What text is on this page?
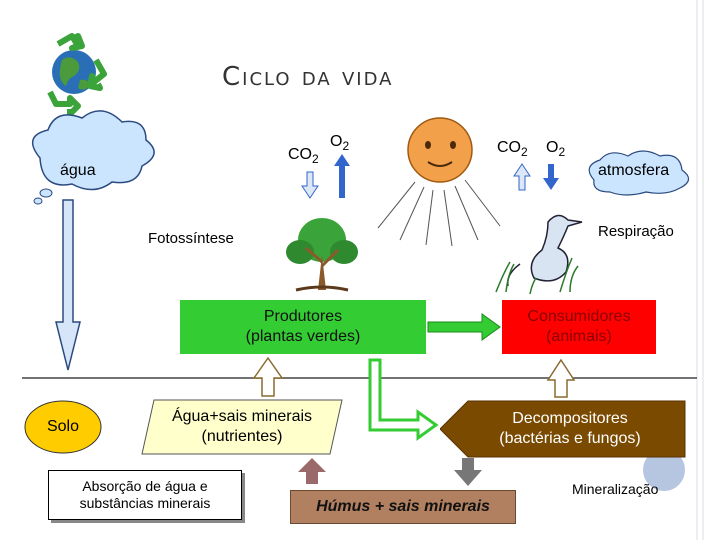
Ciclo da vida
água
$CO_2$
$O_2$	$CO_2$ $O_2$
atmosfera
Fotossíntese	Respiração
Mineralização
Produtores
(plantas verdes)
Consumidores
(animais)
Solo
Água+sais minerais
(nutrientes)
Decompositores
(bactérias e fungos)
Absorção de água e
substâncias minerais	Húmus + sais minerais
